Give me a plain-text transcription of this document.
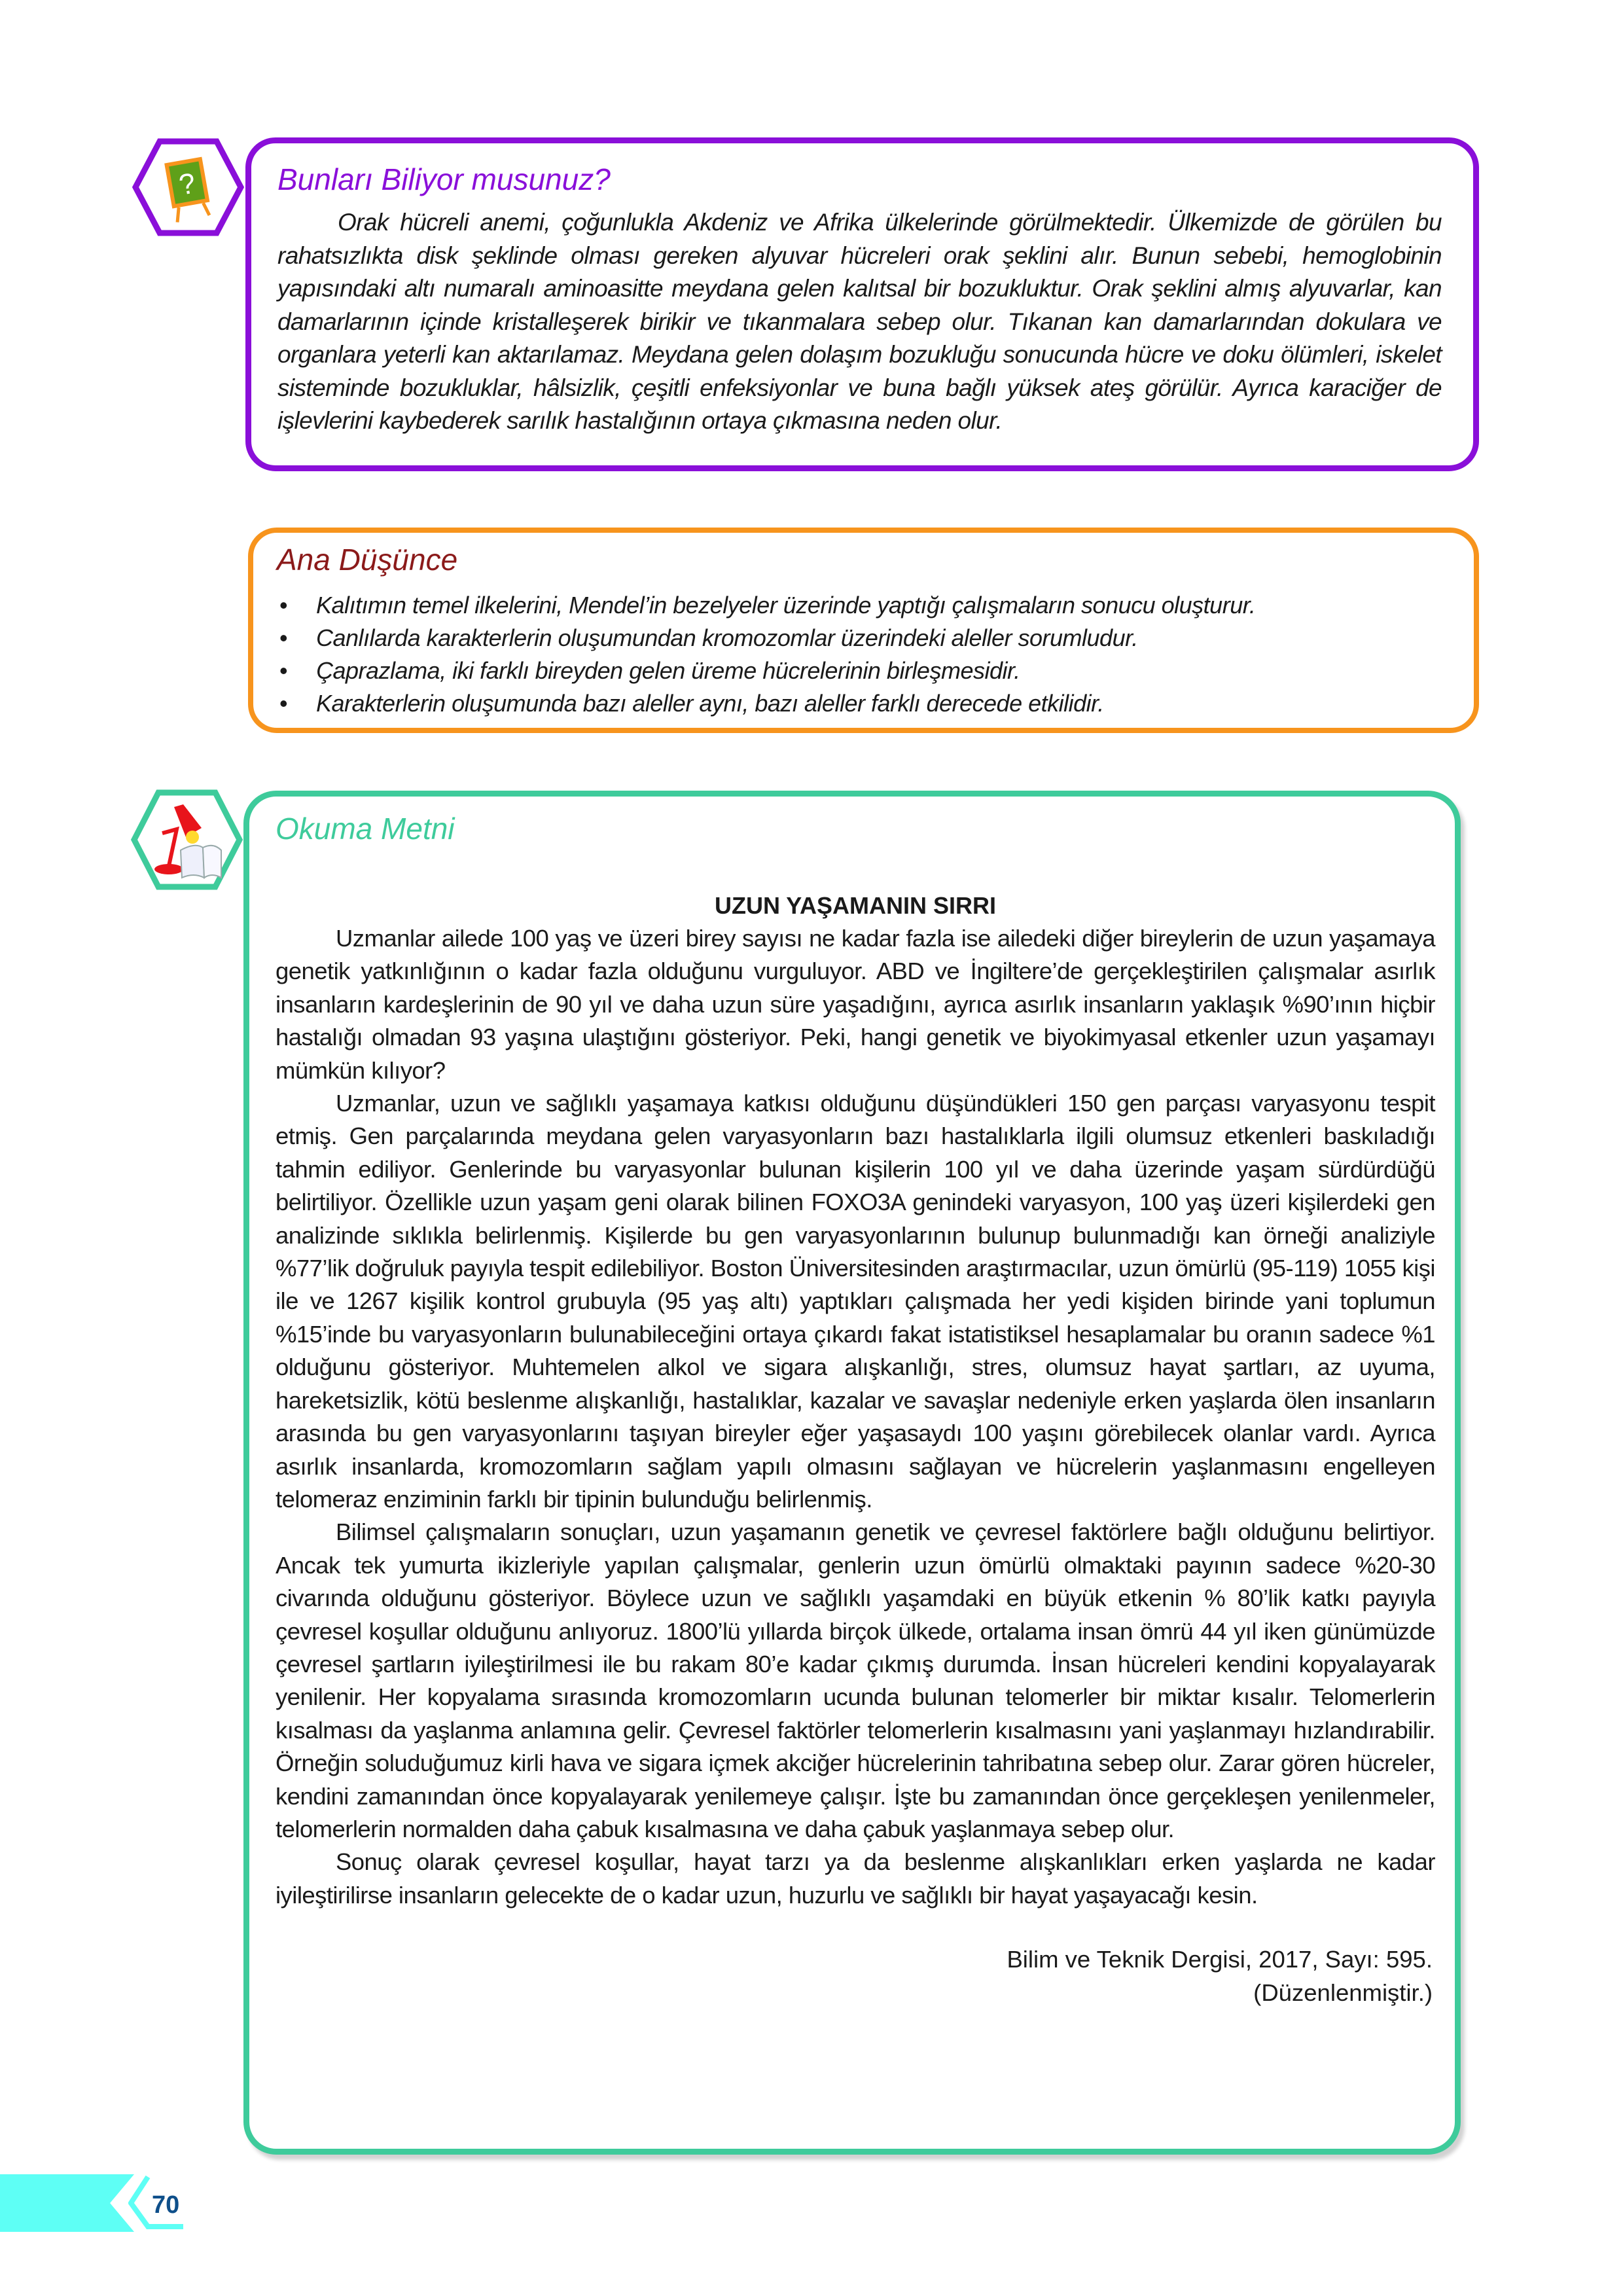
?	Bunları Biliyor musunuz?

Orak hücreli anemi, çoğunlukla Akdeniz ve Afrika ülkelerinde görülmektedir. Ülkemizde de görülen bu rahatsızlıkta disk şeklinde olması gereken alyuvar hücreleri orak şeklini alır. Bunun sebebi, hemoglobinin yapısındaki altı numaralı aminoasitte meydana gelen kalıtsal bir bozukluktur. Orak şeklini almış alyuvarlar, kan damarlarının içinde kristalleşerek birikir ve tıkanmalara sebep olur. Tıkanan kan damarlarından dokulara ve organlara yeterli kan aktarılamaz. Meydana gelen dolaşım bozukluğu sonucunda hücre ve doku ölümleri, iskelet sisteminde bozukluklar, hâlsizlik, çeşitli enfeksiyonlar ve buna bağlı yüksek ateş görülür. Ayrıca karaciğer de işlevlerini kaybederek sarılık hastalığının ortaya çıkmasına neden olur.

Ana Düşünce
• Kalıtımın temel ilkelerini, Mendel’in bezelyeler üzerinde yaptığı çalışmaların sonucu oluşturur.
• Canlılarda karakterlerin oluşumundan kromozomlar üzerindeki aleller sorumludur.
• Çaprazlama, iki farklı bireyden gelen üreme hücrelerinin birleşmesidir.
• Karakterlerin oluşumunda bazı aleller aynı, bazı aleller farklı derecede etkilidir.
Okuma Metni
UZUN YAŞAMANIN SIRRI

Uzmanlar ailede 100 yaş ve üzeri birey sayısı ne kadar fazla ise ailedeki diğer bireylerin de uzun yaşamaya genetik yatkınlığının o kadar fazla olduğunu vurguluyor. ABD ve İngiltere’de gerçekleştirilen çalışmalar asırlık insanların kardeşlerinin de 90 yıl ve daha uzun süre yaşadığını, ayrıca asırlık insanların yaklaşık %90’ının hiçbir hastalığı olmadan 93 yaşına ulaştığını gösteriyor. Peki, hangi genetik ve biyokimyasal etkenler uzun yaşamayı mümkün kılıyor?

Uzmanlar, uzun ve sağlıklı yaşamaya katkısı olduğunu düşündükleri 150 gen parçası varyasyonu tespit etmiş. Gen parçalarında meydana gelen varyasyonların bazı hastalıklarla ilgili olumsuz etkenleri baskıladığı tahmin ediliyor. Genlerinde bu varyasyonlar bulunan kişilerin 100 yıl ve daha üzerinde yaşam sürdürdüğü belirtiliyor. Özellikle uzun yaşam geni olarak bilinen FOXO3A genindeki varyasyon, 100 yaş üzeri kişilerdeki gen analizinde sıklıkla belirlenmiş. Kişilerde bu gen varyasyonlarının bulunup bulunmadığı kan örneği analiziyle %77’lik doğruluk payıyla tespit edilebiliyor. Boston Üniversitesinden araştırmacılar, uzun ömürlü (95-119) 1055 kişi ile ve 1267 kişilik kontrol grubuyla (95 yaş altı) yaptıkları çalışmada her yedi kişiden birinde yani toplumun %15’inde bu varyasyonların bulunabileceğini ortaya çıkardı fakat istatistiksel hesaplamalar bu oranın sadece %1 olduğunu gösteriyor. Muhtemelen alkol ve sigara alışkanlığı, stres, olumsuz hayat şartları, az uyuma, hareketsizlik, kötü beslenme alışkanlığı, hastalıklar, kazalar ve savaşlar nedeniyle erken yaşlarda ölen insanların arasında bu gen varyasyonlarını taşıyan bireyler eğer yaşasaydı 100 yaşını görebilecek olanlar vardı. Ayrıca asırlık insanlarda, kromozomların sağlam yapılı olmasını sağlayan ve hücrelerin yaşlanmasını engelleyen telomeraz enziminin farklı bir tipinin bulunduğu belirlenmiş.

Bilimsel çalışmaların sonuçları, uzun yaşamanın genetik ve çevresel faktörlere bağlı olduğunu belirtiyor. Ancak tek yumurta ikizleriyle yapılan çalışmalar, genlerin uzun ömürlü olmaktaki payının sadece %20-30 civarında olduğunu gösteriyor. Böylece uzun ve sağlıklı yaşamdaki en büyük etkenin % 80’lik katkı payıyla çevresel koşullar olduğunu anlıyoruz. 1800’lü yıllarda birçok ülkede, ortalama insan ömrü 44 yıl iken günümüzde çevresel şartların iyileştirilmesi ile bu rakam 80’e kadar çıkmış durumda. İnsan hücreleri kendini kopyalayarak yenilenir. Her kopyalama sırasında kromozomların ucunda bulunan telomerler bir miktar kısalır. Telomerlerin kısalması da yaşlanma anlamına gelir. Çevresel faktörler telomerlerin kısalmasını yani yaşlanmayı hızlandırabilir. Örneğin soluduğumuz kirli hava ve sigara içmek akciğer hücrelerinin tahribatına sebep olur. Zarar gören hücreler, kendini zamanından önce kopyalayarak yenilemeye çalışır. İşte bu zamanından önce gerçekleşen yenilenmeler, telomerlerin normalden daha çabuk kısalmasına ve daha çabuk yaşlanmaya sebep olur.

Sonuç olarak çevresel koşullar, hayat tarzı ya da beslenme alışkanlıkları erken yaşlarda ne kadar iyileştirilirse insanların gelecekte de o kadar uzun, huzurlu ve sağlıklı bir hayat yaşayacağı kesin.

Bilim ve Teknik Dergisi, 2017, Sayı: 595.
(Düzenlenmiştir.)
70
